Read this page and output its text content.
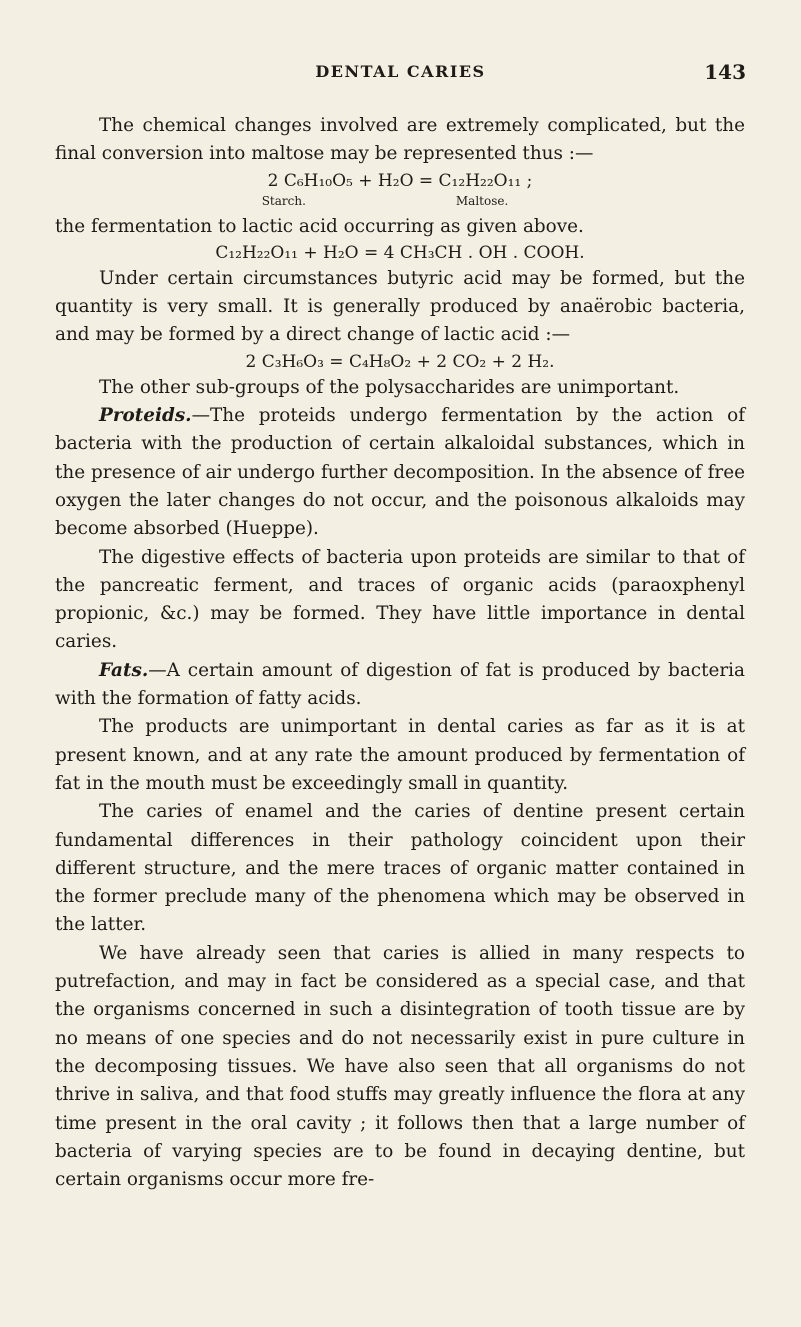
DENTAL CARIES	143

The chemical changes involved are extremely complicated, but the final conversion into maltose may be represented thus :—

2 C₆H₁₀O₅ + H₂O = C₁₂H₂₂O₁₁ ;

Starch.	Maltose.

the fermentation to lactic acid occurring as given above.

C₁₂H₂₂O₁₁ + H₂O = 4 CH₃CH . OH . COOH.

Under certain circumstances butyric acid may be formed, but the quantity is very small. It is generally produced by anaërobic bacteria, and may be formed by a direct change of lactic acid :—

2 C₃H₆O₃ = C₄H₈O₂ + 2 CO₂ + 2 H₂.

The other sub-groups of the polysaccharides are unimportant.

Proteids.—The proteids undergo fermentation by the action of bacteria with the production of certain alkaloidal substances, which in the presence of air undergo further decomposition. In the absence of free oxygen the later changes do not occur, and the poisonous alkaloids may become absorbed (Hueppe).

The digestive effects of bacteria upon proteids are similar to that of the pancreatic ferment, and traces of organic acids (paraoxphenyl propionic, &c.) may be formed. They have little importance in dental caries.

Fats.—A certain amount of digestion of fat is produced by bacteria with the formation of fatty acids.

The products are unimportant in dental caries as far as it is at present known, and at any rate the amount produced by fermentation of fat in the mouth must be exceedingly small in quantity.

The caries of enamel and the caries of dentine present certain fundamental differences in their pathology coincident upon their different structure, and the mere traces of organic matter contained in the former preclude many of the phenomena which may be observed in the latter.

We have already seen that caries is allied in many respects to putrefaction, and may in fact be considered as a special case, and that the organisms concerned in such a disintegration of tooth tissue are by no means of one species and do not necessarily exist in pure culture in the decomposing tissues. We have also seen that all organisms do not thrive in saliva, and that food stuffs may greatly influence the flora at any time present in the oral cavity ; it follows then that a large number of bacteria of varying species are to be found in decaying dentine, but certain organisms occur more fre-
